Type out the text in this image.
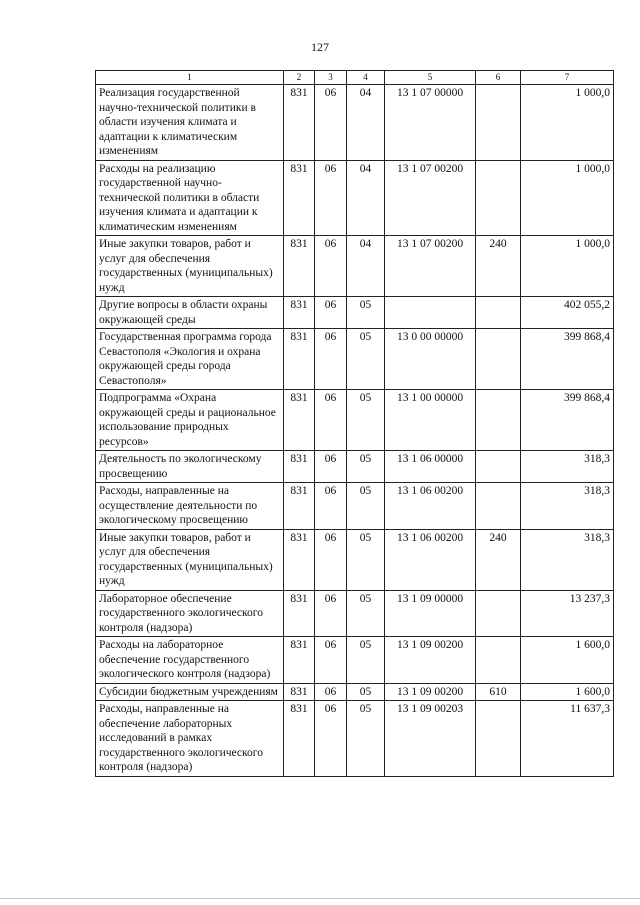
127
1	2	3	4	5	6	7
Реализация государственной научно-технической политики в области изучения климата и адаптации к климатическим изменениям	831	06	04	13 1 07 00000		1 000,0
Расходы на реализацию государственной научно-технической политики в области изучения климата и адаптации к климатическим изменениям	831	06	04	13 1 07 00200		1 000,0
Иные закупки товаров, работ и услуг для обеспечения государственных (муниципальных) нужд	831	06	04	13 1 07 00200	240	1 000,0
Другие вопросы в области охраны окружающей среды	831	06	05			402 055,2
Государственная программа города Севастополя «Экология и охрана окружающей среды города Севастополя»	831	06	05	13 0 00 00000		399 868,4
Подпрограмма «Охрана окружающей среды и рациональное использование природных ресурсов»	831	06	05	13 1 00 00000		399 868,4
Деятельность по экологическому просвещению	831	06	05	13 1 06 00000		318,3
Расходы, направленные на осуществление деятельности по экологическому просвещению	831	06	05	13 1 06 00200		318,3
Иные закупки товаров, работ и услуг для обеспечения государственных (муниципальных) нужд	831	06	05	13 1 06 00200	240	318,3
Лабораторное обеспечение государственного экологического контроля (надзора)	831	06	05	13 1 09 00000		13 237,3
Расходы на лабораторное обеспечение государственного экологического контроля (надзора)	831	06	05	13 1 09 00200		1 600,0
Субсидии бюджетным учреждениям	831	06	05	13 1 09 00200	610	1 600,0
Расходы, направленные на обеспечение лабораторных исследований в рамках государственного экологического контроля (надзора)	831	06	05	13 1 09 00203		11 637,3
